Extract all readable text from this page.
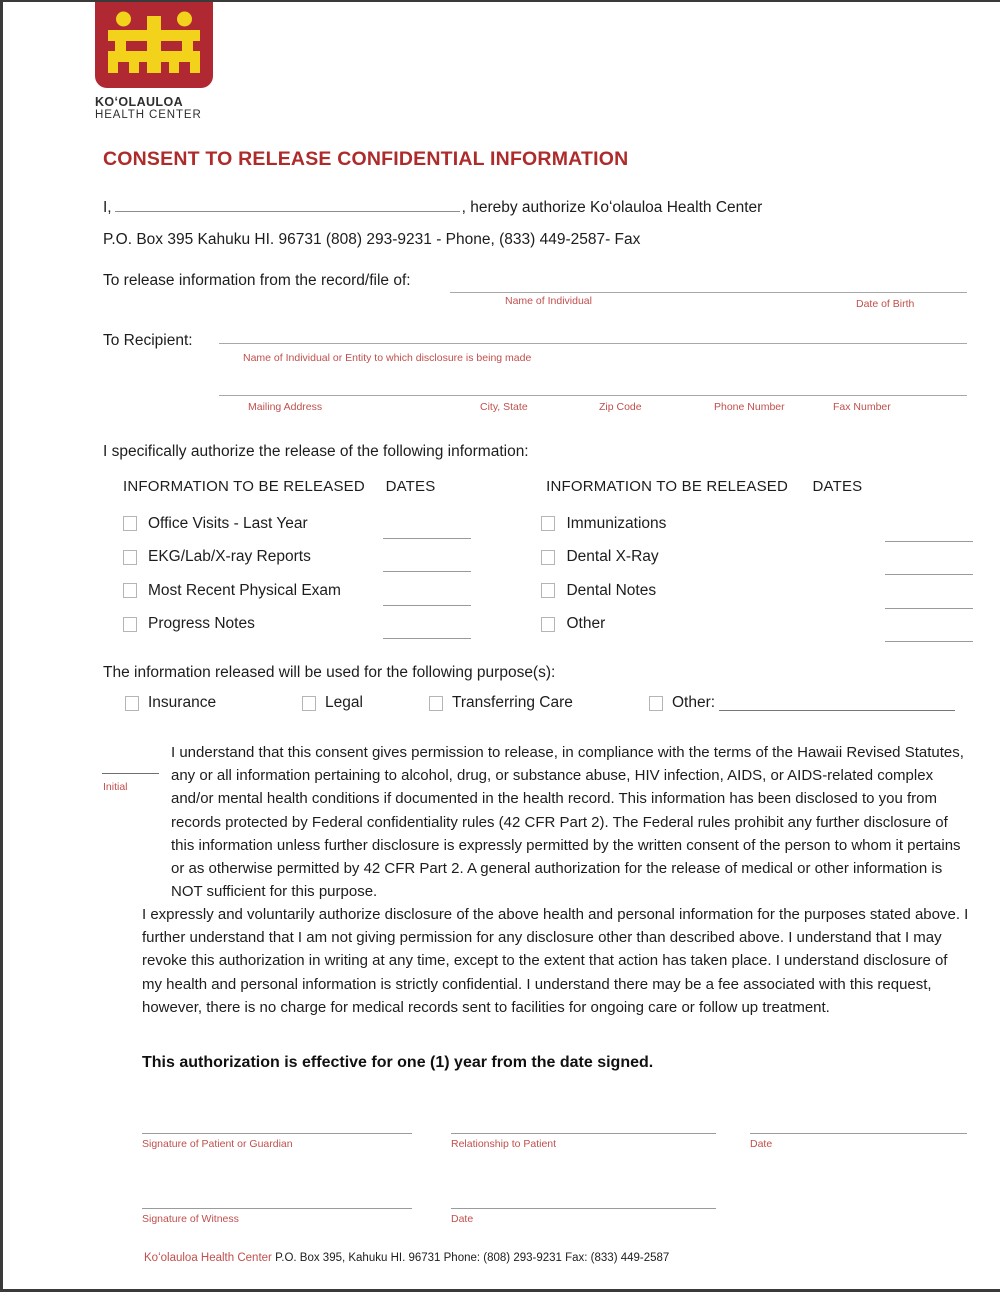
KOʻOLAULOA
HEALTH CENTER
CONSENT TO RELEASE CONFIDENTIAL INFORMATION
I,	, hereby authorize Koʻolauloa Health Center
P.O. Box 395 Kahuku HI. 96731 (808) 293-9231 - Phone, (833) 449-2587- Fax
To release information from the record/file of:
Name of Individual	Date of Birth
To Recipient:
Name of Individual or Entity to which disclosure is being made
Mailing Address	City, State	Zip Code	Phone Number	Fax Number
I specifically authorize the release of the following information:
INFORMATION TO BE RELEASED	DATES	INFORMATION TO BE RELEASED	DATES
Office Visits - Last Year	Immunizations
EKG/Lab/X-ray Reports	Dental X-Ray
Most Recent Physical Exam	Dental Notes
Progress Notes	Other
The information released will be used for the following purpose(s):
Insurance	Legal	Transferring Care	Other:
Initial
I understand that this consent gives permission to release, in compliance with the terms of the Hawaii Revised Statutes, any or all information pertaining to alcohol, drug, or substance abuse, HIV infection, AIDS, or AIDS-related complex and/or mental health conditions if documented in the health record. This information has been disclosed to you from records protected by Federal confidentiality rules (42 CFR Part 2). The Federal rules prohibit any further disclosure of this information unless further disclosure is expressly permitted by the written consent of the person to whom it pertains or as otherwise permitted by 42 CFR Part 2. A general authorization for the release of medical or other information is NOT sufficient for this purpose.
I expressly and voluntarily authorize disclosure of the above health and personal information for the purposes stated above. I further understand that I am not giving permission for any disclosure other than described above. I understand that I may revoke this authorization in writing at any time, except to the extent that action has taken place. I understand disclosure of my health and personal information is strictly confidential. I understand there may be a fee associated with this request, however, there is no charge for medical records sent to facilities for ongoing care or follow up treatment.
This authorization is effective for one (1) year from the date signed.
Signature of Patient or Guardian	Relationship to Patient	Date
Signature of Witness	Date
Koʻolauloa Health Center P.O. Box 395, Kahuku HI. 96731 Phone: (808) 293-9231 Fax: (833) 449-2587
